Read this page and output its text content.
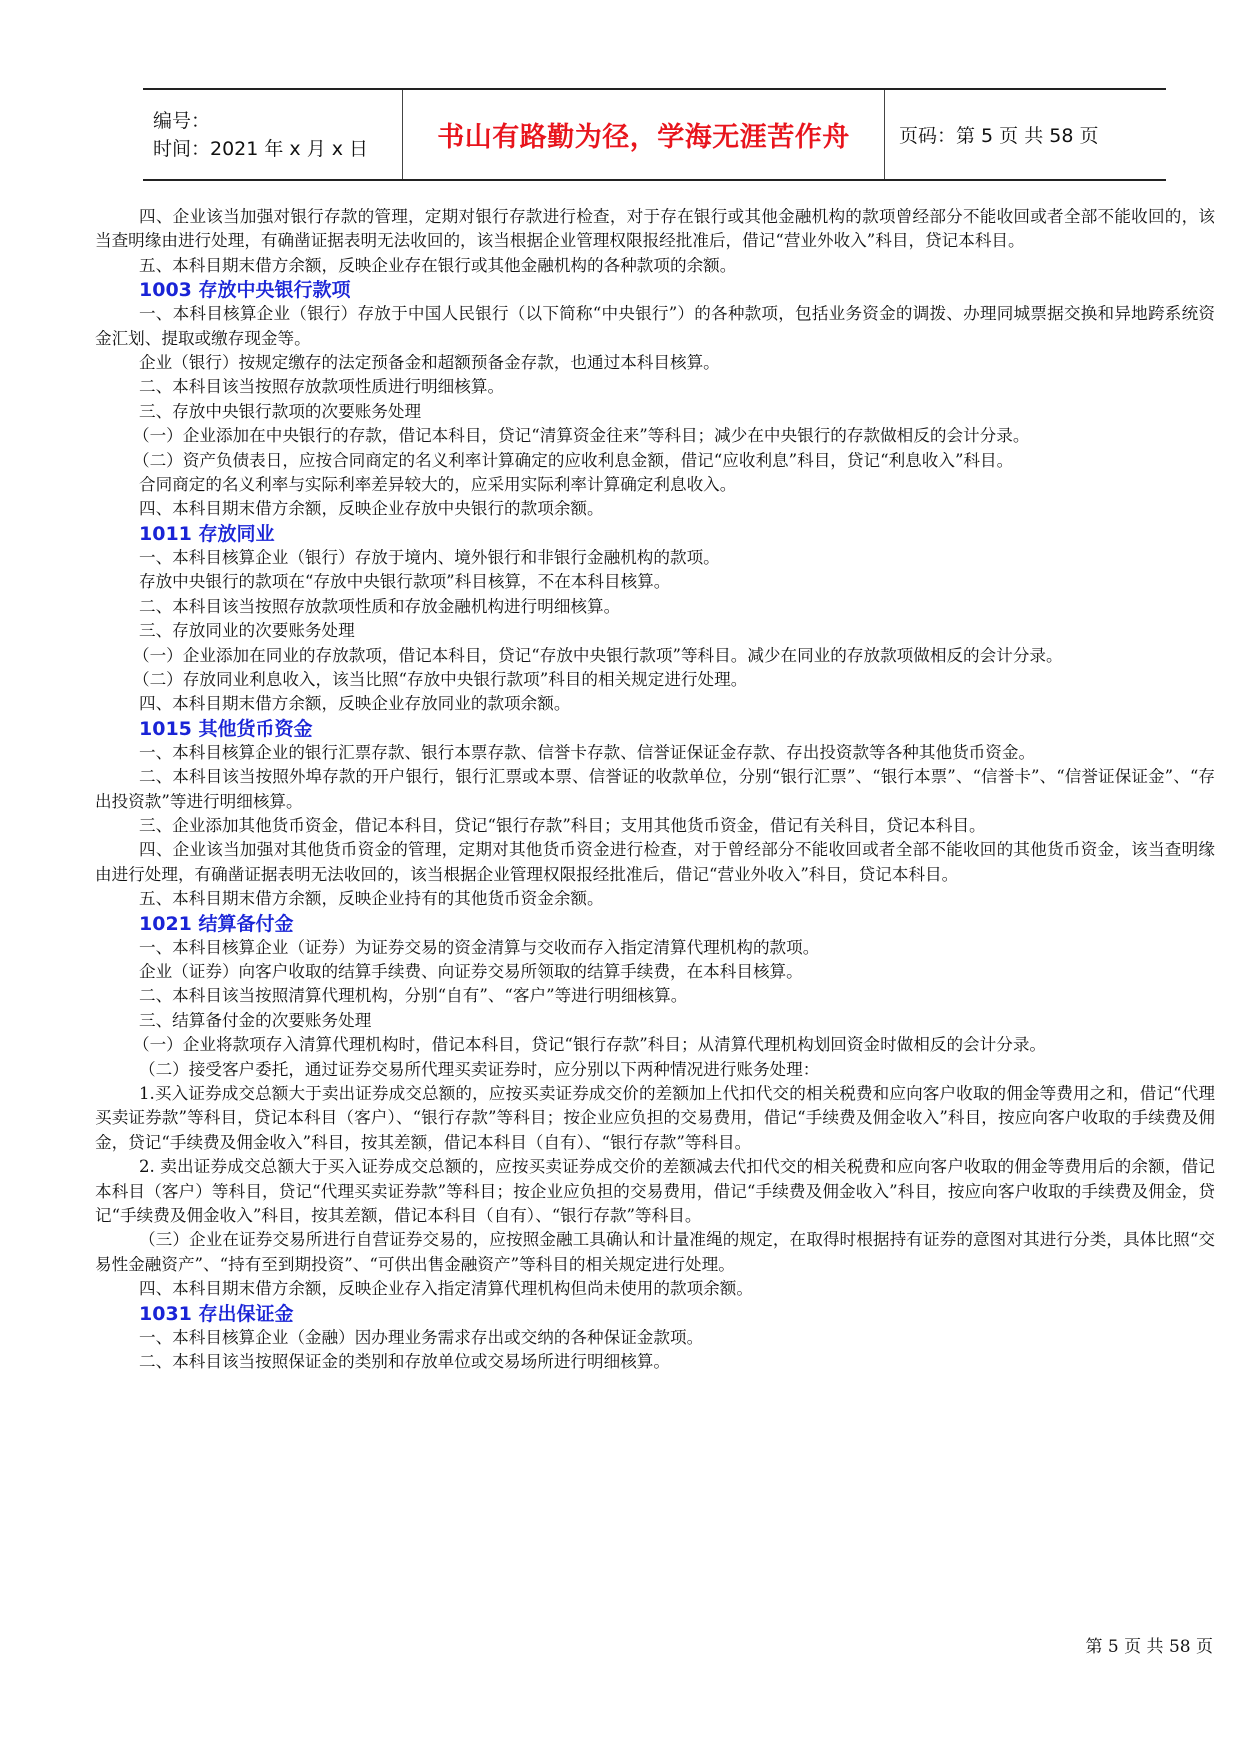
编号：
时间：2021 年 x 月 x 日	书山有路勤为径，学海无涯苦作舟	页码：第 5 页 共 58 页

四、企业该当加强对银行存款的管理，定期对银行存款进行检查，对于存在银行或其他金融机构的款项曾经部分不能收回或者全部不能收回的，该当查明缘由进行处理，有确凿证据表明无法收回的，该当根据企业管理权限报经批准后，借记“营业外收入”科目，贷记本科目。

五、本科目期末借方余额，反映企业存在银行或其他金融机构的各种款项的余额。

1003 存放中央银行款项

一、本科目核算企业（银行）存放于中国人民银行（以下简称“中央银行”）的各种款项，包括业务资金的调拨、办理同城票据交换和异地跨系统资金汇划、提取或缴存现金等。

企业（银行）按规定缴存的法定预备金和超额预备金存款，也通过本科目核算。

二、本科目该当按照存放款项性质进行明细核算。

三、存放中央银行款项的次要账务处理

（一）企业添加在中央银行的存款，借记本科目，贷记“清算资金往来”等科目；减少在中央银行的存款做相反的会计分录。

（二）资产负债表日，应按合同商定的名义利率计算确定的应收利息金额，借记“应收利息”科目，贷记“利息收入”科目。

合同商定的名义利率与实际利率差异较大的，应采用实际利率计算确定利息收入。

四、本科目期末借方余额，反映企业存放中央银行的款项余额。

1011 存放同业

一、本科目核算企业（银行）存放于境内、境外银行和非银行金融机构的款项。

存放中央银行的款项在“存放中央银行款项”科目核算，不在本科目核算。

二、本科目该当按照存放款项性质和存放金融机构进行明细核算。

三、存放同业的次要账务处理

（一）企业添加在同业的存放款项，借记本科目，贷记“存放中央银行款项”等科目。减少在同业的存放款项做相反的会计分录。

（二）存放同业利息收入，该当比照“存放中央银行款项”科目的相关规定进行处理。

四、本科目期末借方余额，反映企业存放同业的款项余额。

1015 其他货币资金

一、本科目核算企业的银行汇票存款、银行本票存款、信誉卡存款、信誉证保证金存款、存出投资款等各种其他货币资金。

二、本科目该当按照外埠存款的开户银行，银行汇票或本票、信誉证的收款单位，分别“银行汇票”、“银行本票”、“信誉卡”、“信誉证保证金”、“存出投资款”等进行明细核算。

三、企业添加其他货币资金，借记本科目，贷记“银行存款”科目；支用其他货币资金，借记有关科目，贷记本科目。

四、企业该当加强对其他货币资金的管理，定期对其他货币资金进行检查，对于曾经部分不能收回或者全部不能收回的其他货币资金，该当查明缘由进行处理，有确凿证据表明无法收回的，该当根据企业管理权限报经批准后，借记“营业外收入”科目，贷记本科目。

五、本科目期末借方余额，反映企业持有的其他货币资金余额。

1021 结算备付金

一、本科目核算企业（证券）为证券交易的资金清算与交收而存入指定清算代理机构的款项。

企业（证券）向客户收取的结算手续费、向证券交易所领取的结算手续费，在本科目核算。

二、本科目该当按照清算代理机构，分别“自有”、“客户”等进行明细核算。

三、结算备付金的次要账务处理

（一）企业将款项存入清算代理机构时，借记本科目，贷记“银行存款”科目；从清算代理机构划回资金时做相反的会计分录。

（二）接受客户委托，通过证券交易所代理买卖证券时，应分别以下两种情况进行账务处理：

1.买入证券成交总额大于卖出证券成交总额的，应按买卖证券成交价的差额加上代扣代交的相关税费和应向客户收取的佣金等费用之和，借记“代理买卖证券款”等科目，贷记本科目（客户）、“银行存款”等科目；按企业应负担的交易费用，借记“手续费及佣金收入”科目，按应向客户收取的手续费及佣金，贷记“手续费及佣金收入”科目，按其差额，借记本科目（自有）、“银行存款”等科目。

2. 卖出证券成交总额大于买入证券成交总额的，应按买卖证券成交价的差额减去代扣代交的相关税费和应向客户收取的佣金等费用后的余额，借记本科目（客户）等科目，贷记“代理买卖证券款”等科目；按企业应负担的交易费用，借记“手续费及佣金收入”科目，按应向客户收取的手续费及佣金，贷记“手续费及佣金收入”科目，按其差额，借记本科目（自有）、“银行存款”等科目。

（三）企业在证券交易所进行自营证券交易的，应按照金融工具确认和计量准绳的规定，在取得时根据持有证券的意图对其进行分类，具体比照“交易性金融资产”、“持有至到期投资”、“可供出售金融资产”等科目的相关规定进行处理。

四、本科目期末借方余额，反映企业存入指定清算代理机构但尚未使用的款项余额。

1031 存出保证金

一、本科目核算企业（金融）因办理业务需求存出或交纳的各种保证金款项。

二、本科目该当按照保证金的类别和存放单位或交易场所进行明细核算。

第 5 页 共 58 页
